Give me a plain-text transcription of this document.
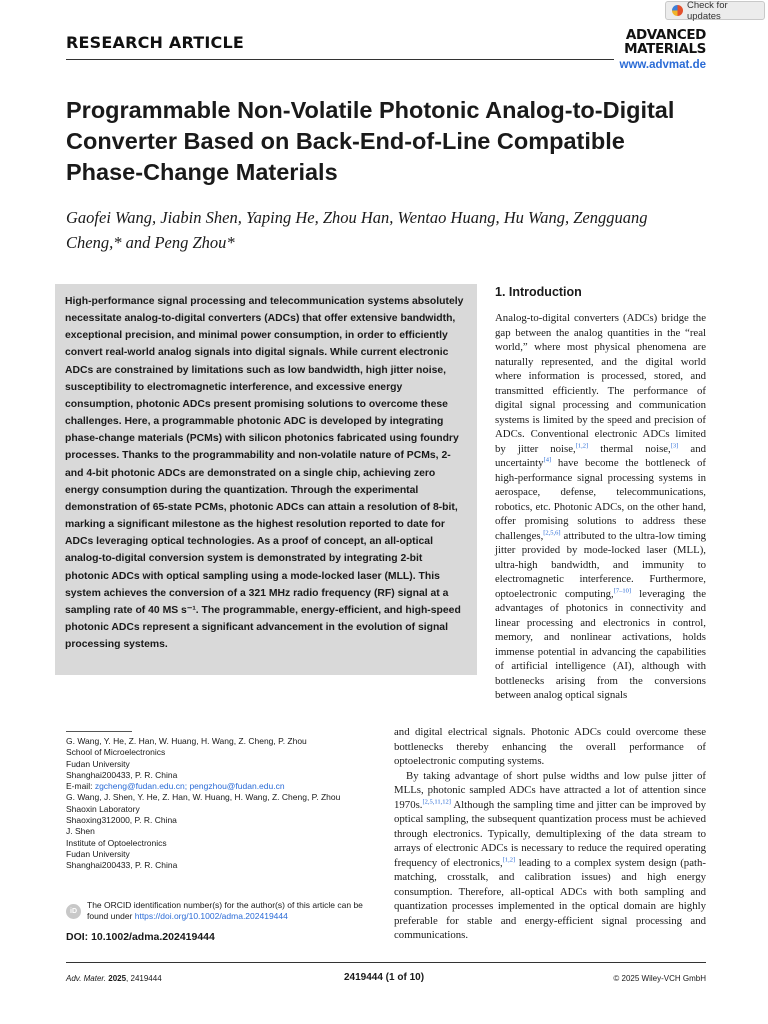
Check for updates
RESEARCH ARTICLE	ADVANCED
MATERIALS
www.advmat.de
Programmable Non-Volatile Photonic Analog-to-Digital Converter Based on Back-End-of-Line Compatible Phase-Change Materials
Gaofei Wang, Jiabin Shen, Yaping He, Zhou Han, Wentao Huang, Hu Wang, Zengguang Cheng,* and Peng Zhou*
High-performance signal processing and telecommunication systems absolutely necessitate analog-to-digital converters (ADCs) that offer extensive bandwidth, exceptional precision, and minimal power consumption, in order to efficiently convert real-world analog signals into digital signals. While current electronic ADCs are constrained by limitations such as low bandwidth, high jitter noise, susceptibility to electromagnetic interference, and excessive energy consumption, photonic ADCs present promising solutions to overcome these challenges. Here, a programmable photonic ADC is developed by integrating phase-change materials (PCMs) with silicon photonics fabricated using foundry processes. Thanks to the programmability and non-volatile nature of PCMs, 2- and 4-bit photonic ADCs are demonstrated on a single chip, achieving zero energy consumption during the quantization. Through the experimental demonstration of 65-state PCMs, photonic ADCs can attain a resolution of 8-bit, marking a significant milestone as the highest resolution reported to date for ADCs leveraging optical technologies. As a proof of concept, an all-optical analog-to-digital conversion system is demonstrated by integrating 2-bit photonic ADCs with optical sampling using a mode-locked laser (MLL). This system achieves the conversion of a 321 MHz radio frequency (RF) signal at a sampling rate of 40 MS s⁻¹. The programmable, energy-efficient, and high-speed photonic ADCs represent a significant advancement in the evolution of signal processing systems.
1. Introduction
Analog-to-digital converters (ADCs) bridge the gap between the analog quantities in the “real world,” where most physical phenomena are naturally represented, and the digital world where information is processed, stored, and transmitted efficiently. The performance of digital signal processing and communication systems is limited by the speed and precision of ADCs. Conventional electronic ADCs limited by jitter noise,[1,2] thermal noise,[3] and uncertainty[4] have become the bottleneck of high-performance signal processing systems in aerospace, defense, telecommunications, robotics, etc. Photonic ADCs, on the other hand, offer promising solutions to address these challenges,[2,5,6] attributed to the ultra-low timing jitter provided by mode-locked laser (MLL), ultra-high bandwidth, and immunity to electromagnetic interference. Furthermore, optoelectronic computing,[7–10] leveraging the advantages of photonics in connectivity and linear processing and electronics in control, memory, and nonlinear activations, holds immense potential in advancing the capabilities of artificial intelligence (AI), although with bottlenecks arising from the conversions between analog optical signals

and digital electrical signals. Photonic ADCs could overcome these bottlenecks thereby enhancing the overall performance of optoelectronic computing systems.

By taking advantage of short pulse widths and low pulse jitter of MLLs, photonic sampled ADCs have attracted a lot of attention since 1970s.[2,5,11,12] Although the sampling time and jitter can be improved by optical sampling, the subsequent quantization process must be achieved through electronics. Typically, demultiplexing of the data stream to arrays of electronic ADCs is necessary to reduce the required operating frequency of electronics,[1,2] leading to a complex system design (path-matching, crosstalk, and calibration issues) and high energy consumption. Therefore, all-optical ADCs with both sampling and quantization processes implemented in the optical domain are highly preferable for stable and energy-efficient signal processing and communications.

G. Wang, Y. He, Z. Han, W. Huang, H. Wang, Z. Cheng, P. Zhou
School of Microelectronics
Fudan University
Shanghai200433, P. R. China
E-mail: zgcheng@fudan.edu.cn; pengzhou@fudan.edu.cn
G. Wang, J. Shen, Y. He, Z. Han, W. Huang, H. Wang, Z. Cheng, P. Zhou
Shaoxin Laboratory
Shaoxing312000, P. R. China
J. Shen
Institute of Optoelectronics
Fudan University
Shanghai200433, P. R. China
iD
The ORCID identification number(s) for the author(s) of this article can be found under https://doi.org/10.1002/adma.202419444
DOI: 10.1002/adma.202419444
Adv. Mater. 2025, 2419444	2419444 (1 of 10)	© 2025 Wiley-VCH GmbH
